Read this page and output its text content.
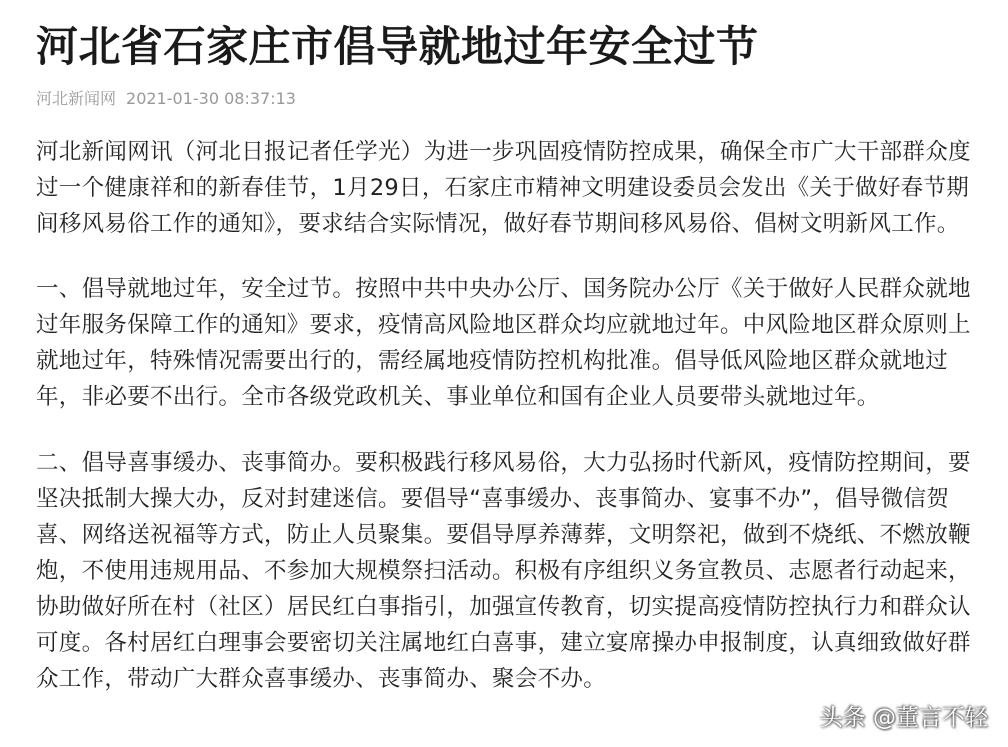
河北省石家庄市倡导就地过年安全过节
河北新闻网 2021-01-30 08:37:13

河北新闻网讯（河北日报记者任学光）为进一步巩固疫情防控成果，确保全市广大干部群众度
过一个健康祥和的新春佳节，1月29日，石家庄市精神文明建设委员会发出《关于做好春节期
间移风易俗工作的通知》，要求结合实际情况，做好春节期间移风易俗、倡树文明新风工作。

一、倡导就地过年，安全过节。按照中共中央办公厅、国务院办公厅《关于做好人民群众就地
过年服务保障工作的通知》要求，疫情高风险地区群众均应就地过年。中风险地区群众原则上
就地过年，特殊情况需要出行的，需经属地疫情防控机构批准。倡导低风险地区群众就地过
年，非必要不出行。全市各级党政机关、事业单位和国有企业人员要带头就地过年。

二、倡导喜事缓办、丧事简办。要积极践行移风易俗，大力弘扬时代新风，疫情防控期间，要
坚决抵制大操大办，反对封建迷信。要倡导“喜事缓办、丧事简办、宴事不办”，倡导微信贺
喜、网络送祝福等方式，防止人员聚集。要倡导厚养薄葬，文明祭祀，做到不烧纸、不燃放鞭
炮，不使用违规用品、不参加大规模祭扫活动。积极有序组织义务宣教员、志愿者行动起来，
协助做好所在村（社区）居民红白事指引，加强宣传教育，切实提高疫情防控执行力和群众认
可度。各村居红白理事会要密切关注属地红白喜事，建立宴席操办申报制度，认真细致做好群
众工作，带动广大群众喜事缓办、丧事简办、聚会不办。

头条 @董言不轻
